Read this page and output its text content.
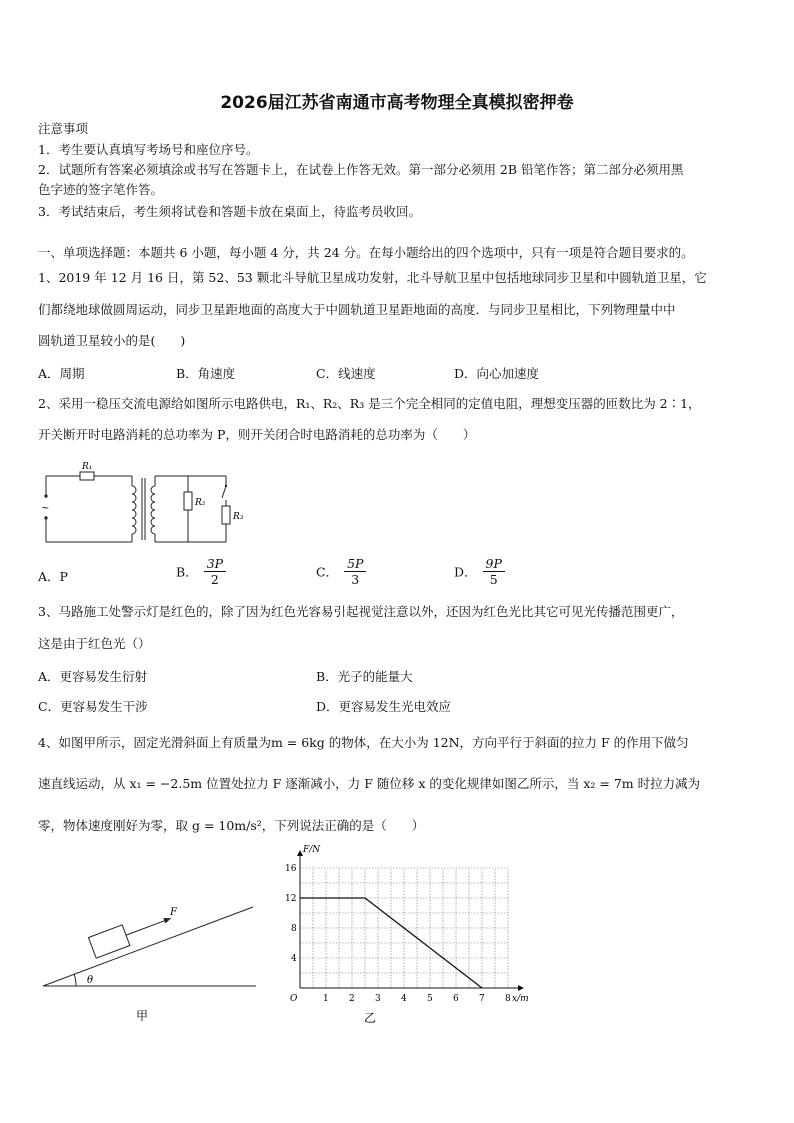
2026届江苏省南通市高考物理全真模拟密押卷
注意事项
1．考生要认真填写考场号和座位序号。
2．试题所有答案必须填涂或书写在答题卡上，在试卷上作答无效。第一部分必须用 2B 铅笔作答；第二部分必须用黑
色字迹的签字笔作答。
3．考试结束后，考生须将试卷和答题卡放在桌面上，待监考员收回。
一、单项选择题：本题共 6 小题，每小题 4 分，共 24 分。在每小题给出的四个选项中，只有一项是符合题目要求的。
1、2019 年 12 月 16 日，第 52、53 颗北斗导航卫星成功发射，北斗导航卫星中包括地球同步卫星和中圆轨道卫星，它
们都绕地球做圆周运动，同步卫星距地面的高度大于中圆轨道卫星距地面的高度．与同步卫星相比，下列物理量中中
圆轨道卫星较小的是(　　)
A．周期	B．角速度	C．线速度	D．向心加速度
2、采用一稳压交流电源给如图所示电路供电，R₁、R₂、R₃ 是三个完全相同的定值电阻，理想变压器的匝数比为 2∶1，
开关断开时电路消耗的总功率为 P，则开关闭合时电路消耗的总功率为（　　）
R₁
R₂
R₃
~
A．P	B． $\frac{3P}{2}$	C． $\frac{5P}{3}$	D． $\frac{9P}{5}$
3、马路施工处警示灯是红色的，除了因为红色光容易引起视觉注意以外，还因为红色光比其它可见光传播范围更广，
这是由于红色光（）
A．更容易发生衍射	B．光子的能量大
C．更容易发生干涉	D．更容易发生光电效应
4、如图甲所示，固定光滑斜面上有质量为m = 6kg 的物体，在大小为 12N，方向平行于斜面的拉力 F 的作用下做匀
速直线运动，从 x₁ = −2.5m 位置处拉力 F 逐渐减小，力 F 随位移 x 的变化规律如图乙所示，当 x₂ = 7m 时拉力减为
零，物体速度刚好为零，取 g = 10m/s²，下列说法正确的是（　　）
F
θ
甲
1 2 3 4 5 6 7 8
4
8
12
16
x/m
F/N
O
乙
